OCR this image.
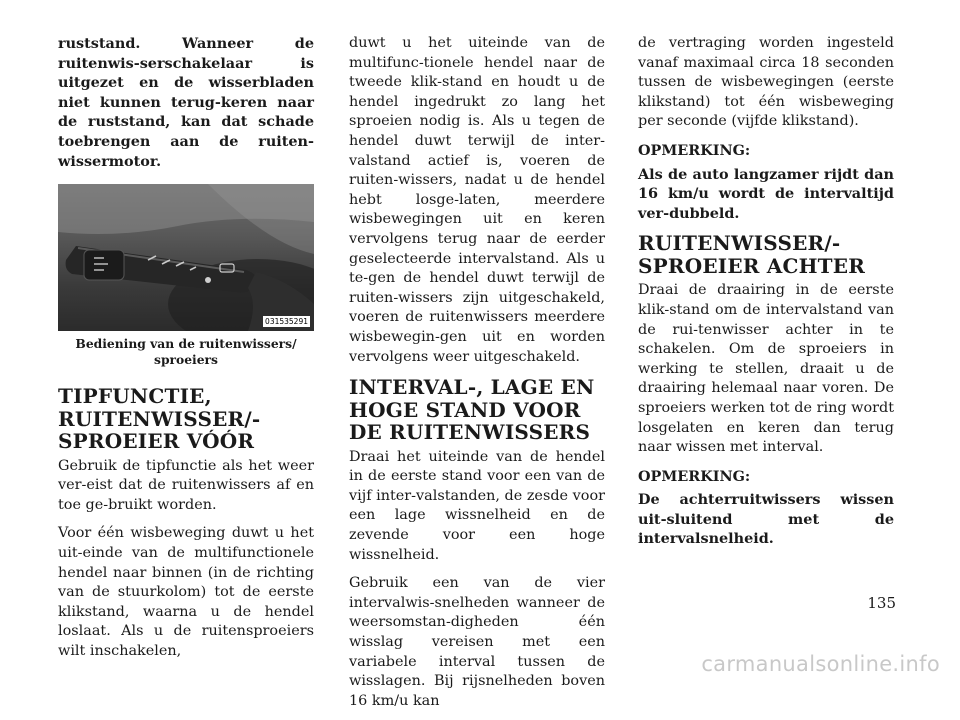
ruststand. Wanneer de ruitenwis-serschakelaar is uitgezet en de wisserbladen niet kunnen terug-keren naar de ruststand, kan dat schade toebrengen aan de ruiten-wissermotor.

031535291
Bediening van de ruitenwissers/ sproeiers
TIPFUNCTIE, RUITENWISSER/- SPROEIER VÓÓR

Gebruik de tipfunctie als het weer ver-eist dat de ruitenwissers af en toe ge-bruikt worden.

Voor één wisbeweging duwt u het uit-einde van de multifunctionele hendel naar binnen (in de richting van de stuurkolom) tot de eerste klikstand, waarna u de hendel loslaat. Als u de ruitensproeiers wilt inschakelen,

duwt u het uiteinde van de multifunc-tionele hendel naar de tweede klik-stand en houdt u de hendel ingedrukt zo lang het sproeien nodig is. Als u tegen de hendel duwt terwijl de inter-valstand actief is, voeren de ruiten-wissers, nadat u de hendel hebt losge-laten, meerdere wisbewegingen uit en keren vervolgens terug naar de eerder geselecteerde intervalstand. Als u te-gen de hendel duwt terwijl de ruiten-wissers zijn uitgeschakeld, voeren de ruitenwissers meerdere wisbewegin-gen uit en worden vervolgens weer uitgeschakeld.

INTERVAL-, LAGE EN HOGE STAND VOOR DE RUITENWISSERS

Draai het uiteinde van de hendel in de eerste stand voor een van de vijf inter-valstanden, de zesde voor een lage wissnelheid en de zevende voor een hoge wissnelheid.

Gebruik een van de vier intervalwis-snelheden wanneer de weersomstan-digheden één wisslag vereisen met een variabele interval tussen de wisslagen. Bij rijsnelheden boven 16 km/u kan

de vertraging worden ingesteld vanaf maximaal circa 18 seconden tussen de wisbewegingen (eerste klikstand) tot één wisbeweging per seconde (vijfde klikstand).

OPMERKING:

Als de auto langzamer rijdt dan 16 km/u wordt de intervaltijd ver-dubbeld.

RUITENWISSER/- SPROEIER ACHTER

Draai de draairing in de eerste klik-stand om de intervalstand van de rui-tenwisser achter in te schakelen. Om de sproeiers in werking te stellen, draait u de draairing helemaal naar voren. De sproeiers werken tot de ring wordt losgelaten en keren dan terug naar wissen met interval.

OPMERKING:

De achterruitwissers wissen uit-sluitend met de intervalsnelheid.

135
carmanualsonline.info
